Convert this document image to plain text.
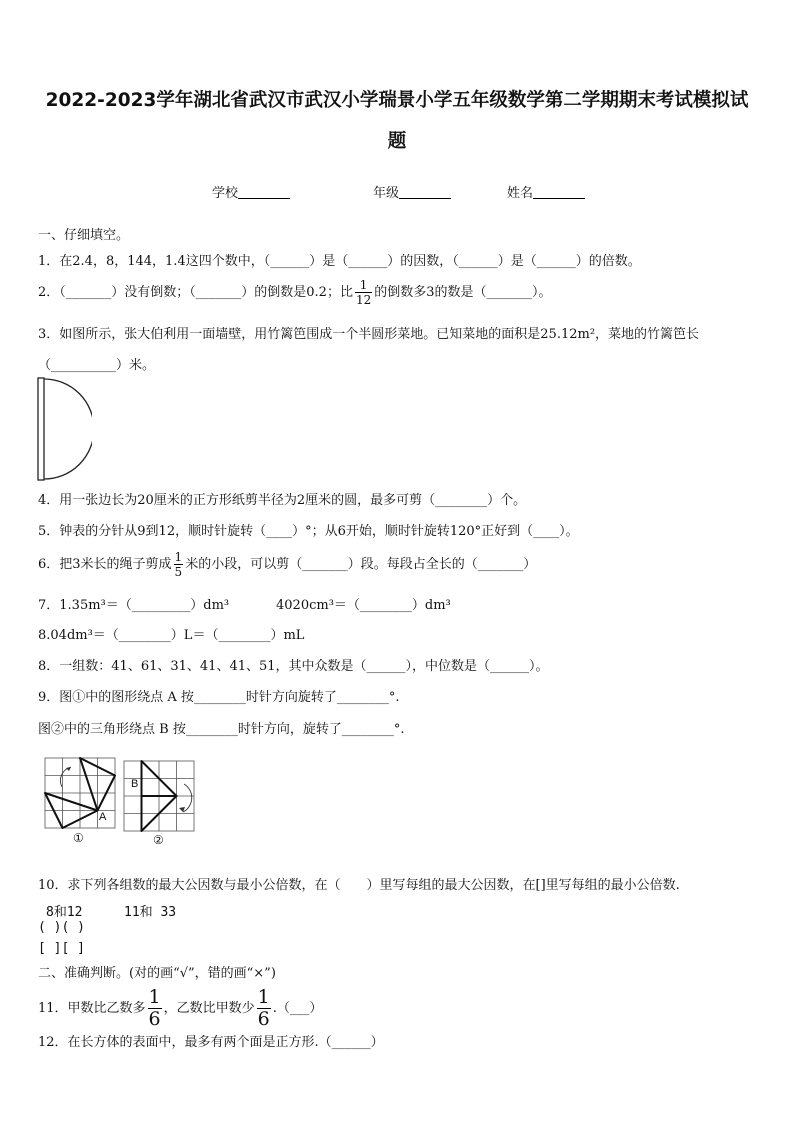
2022-2023学年湖北省武汉市武汉小学瑞景小学五年级数学第二学期期末考试模拟试
题
学校	年级	姓名
一、仔细填空。
1．在2.4，8，144，1.4这四个数中，（______）是（______）的因数，（______）是（______）的倍数。
2．（_______）没有倒数；（_______）的倒数是0.2；比 $\frac{1}{12}$ 的倒数多3的数是（_______）。
3．如图所示，张大伯利用一面墙壁，用竹篱笆围成一个半圆形菜地。已知菜地的面积是25.12m²，菜地的竹篱笆长
（__________）米。
4．用一张边长为20厘米的正方形纸剪半径为2厘米的圆，最多可剪（________）个。
5．钟表的分针从9到12，顺时针旋转（____）°；从6开始，顺时针旋转120°正好到（____）。
6．把3米长的绳子剪成 $\frac{1}{5}$ 米的小段，可以剪（_______）段。每段占全长的（_______）
7．1.35m³＝（_________）dm³	4020cm³＝（________）dm³
8.04dm³＝（________）L＝（________）mL
8．一组数：41、61、31、41、41、51，其中众数是（______），中位数是（______）。
9．图①中的图形绕点 A 按________时针方向旋转了________°.
图②中的三角形绕点 B 按________时针方向，旋转了________°.
A
①
B
②
10．求下列各组数的最大公因数与最小公倍数，在（　　）里写每组的最大公因数，在[]里写每组的最小公倍数.
8和12	11和 33
( )( )
[ ][ ]
二、准确判断。(对的画“√”，错的画“×”)
11．甲数比乙数多 $\frac{1}{6}$ ，乙数比甲数少 $\frac{1}{6}$ .（___）
12．在长方体的表面中，最多有两个面是正方形.（______）
